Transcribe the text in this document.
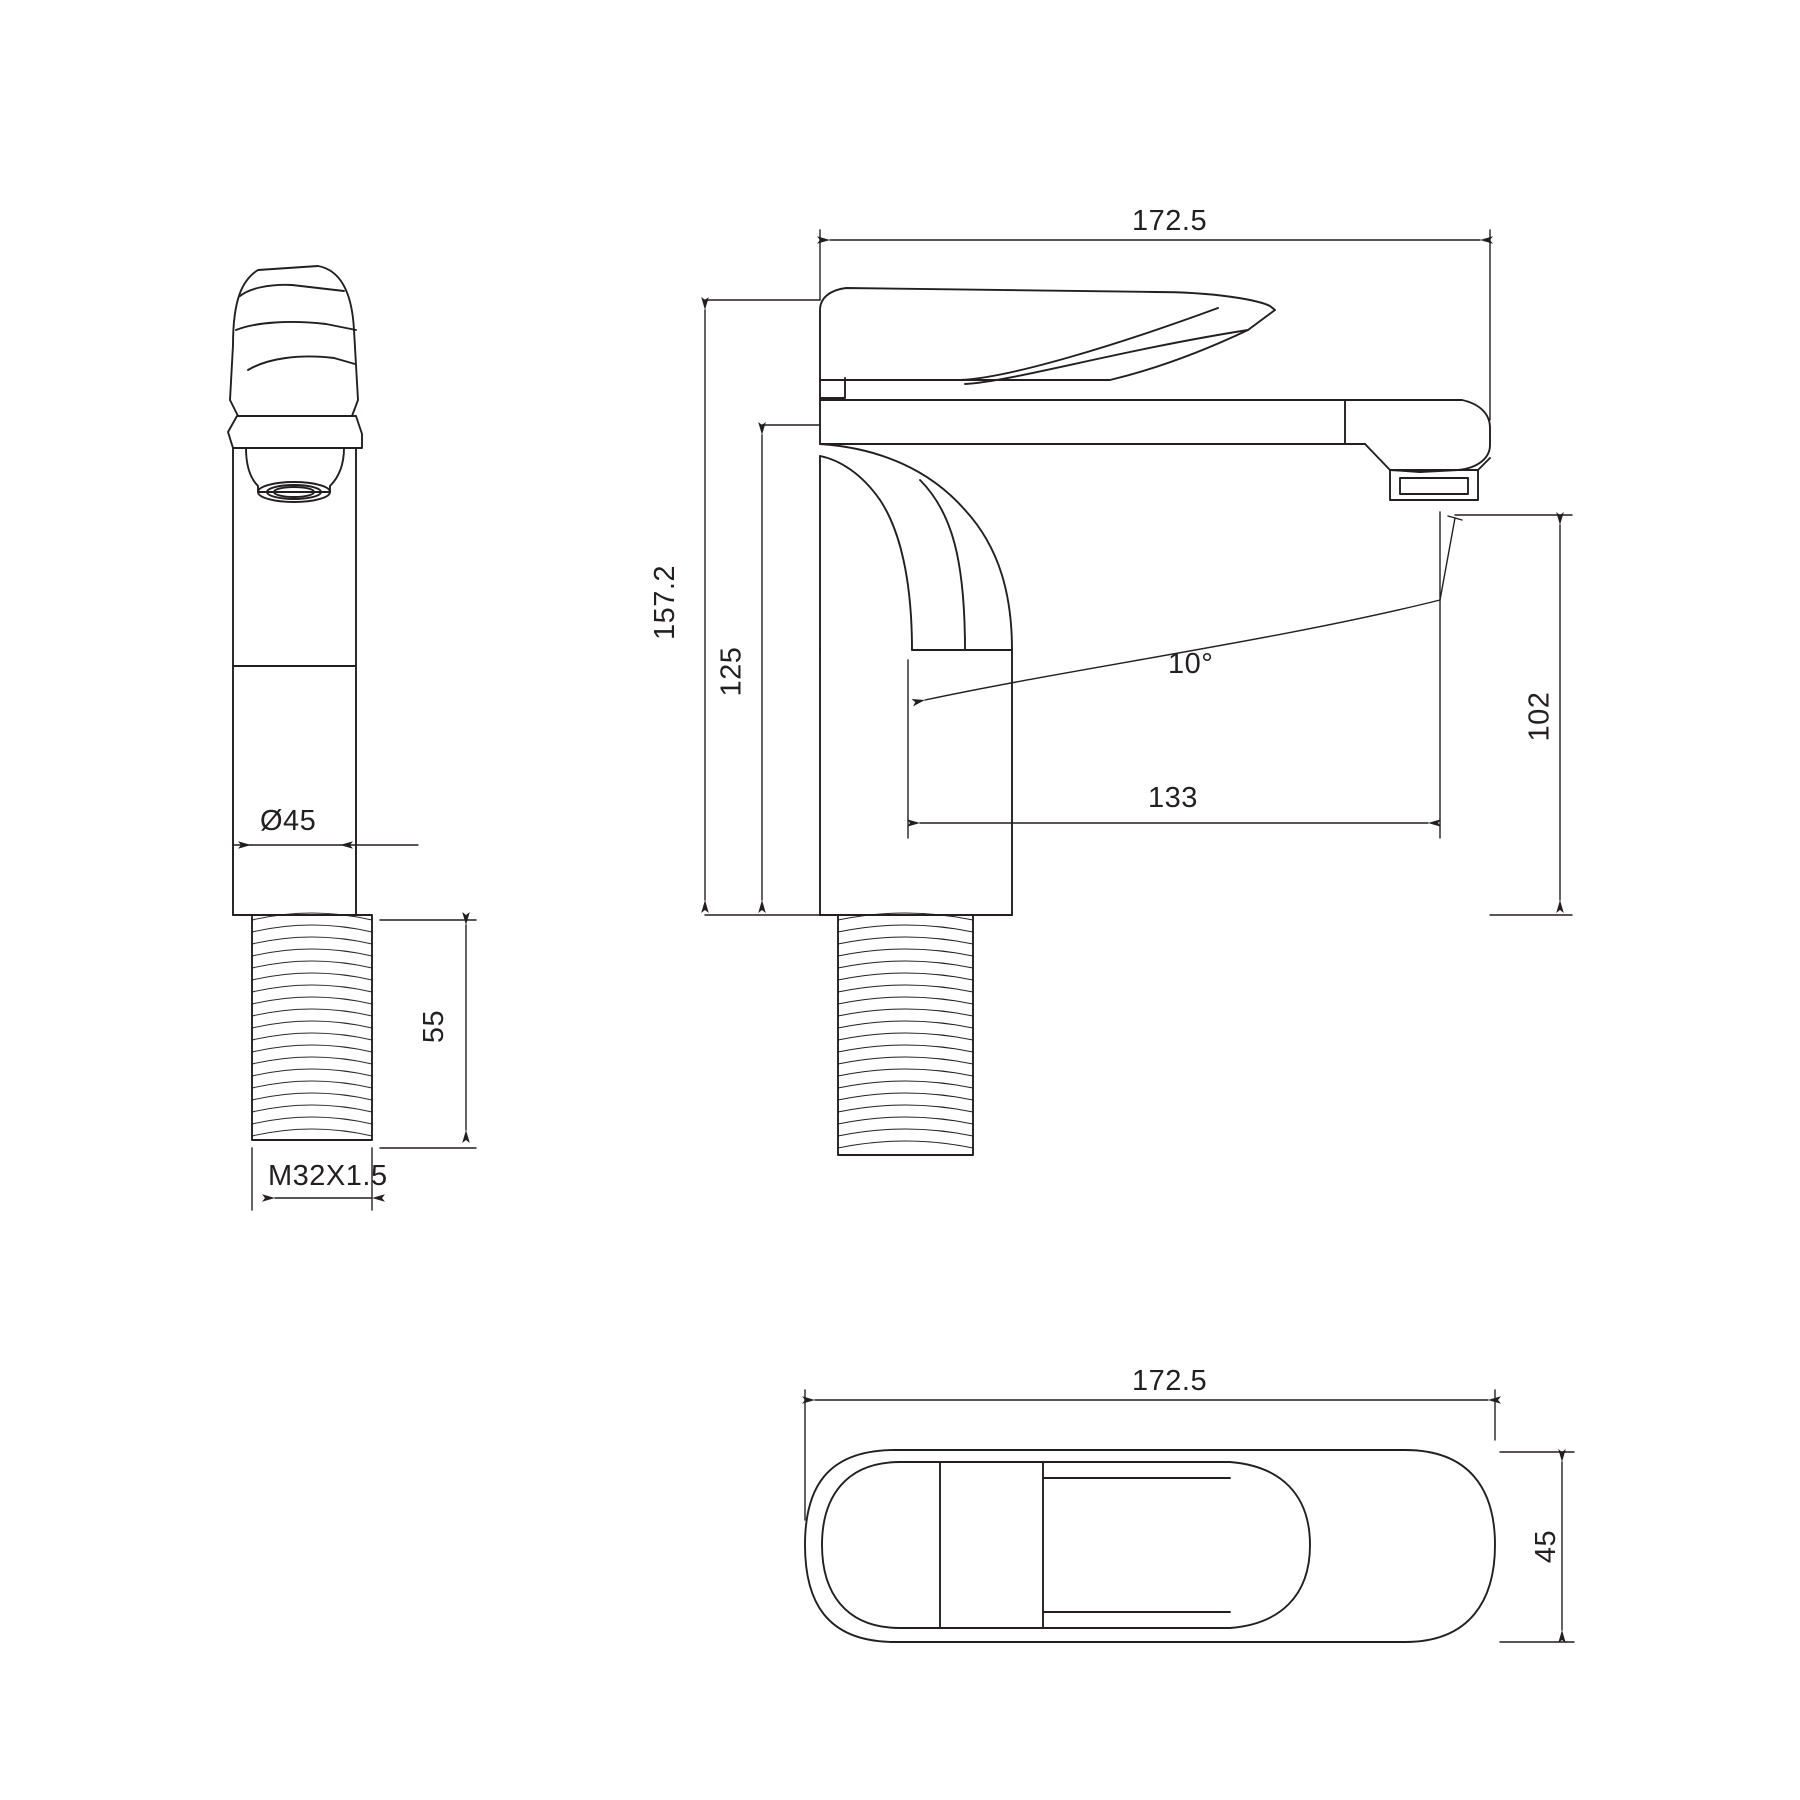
Ø45
55
M32X1.5
172.5
157.2
125
133
102
10°
172.5
45
